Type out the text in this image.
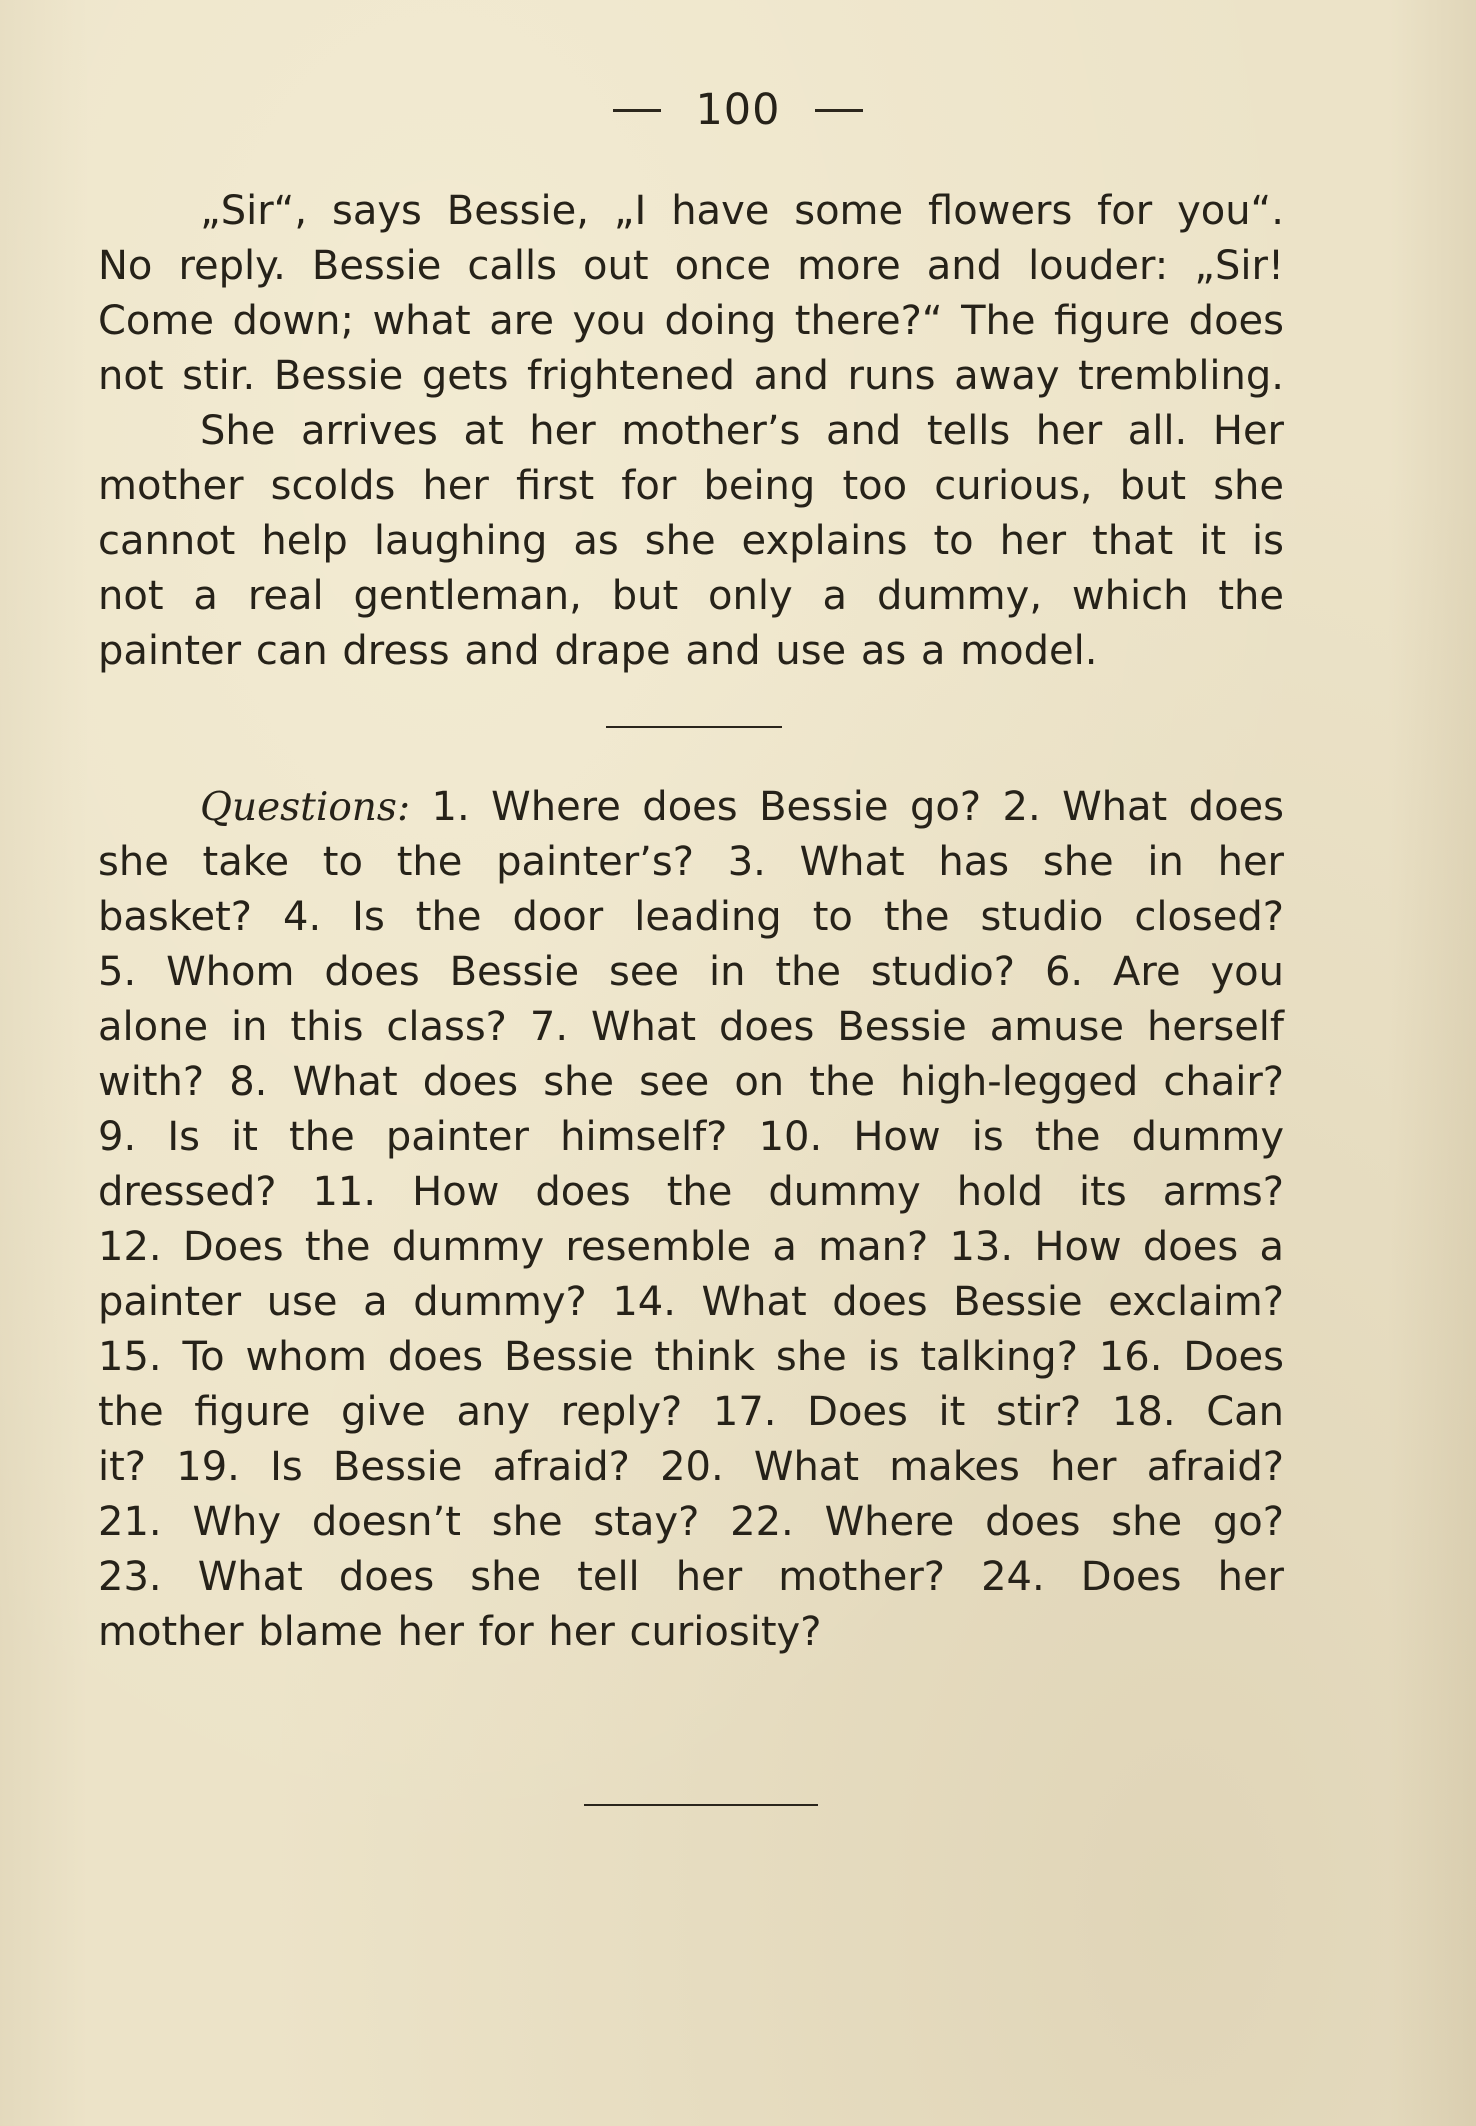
100
„Sir“, says Bessie, „I have some flowers for you“.
No reply. Bessie calls out once more and louder: „Sir!
Come down; what are you doing there?“ The figure does
not stir. Bessie gets frightened and runs away trembling.
She arrives at her mother’s and tells her all. Her
mother scolds her first for being too curious, but she
cannot help laughing as she explains to her that it is
not a real gentleman, but only a dummy, which the
painter can dress and drape and use as a model.
Questions: 1. Where does Bessie go? 2. What does
she take to the painter’s? 3. What has she in her
basket? 4. Is the door leading to the studio closed?
5. Whom does Bessie see in the studio? 6. Are you
alone in this class? 7. What does Bessie amuse herself
with? 8. What does she see on the high-legged chair?
9. Is it the painter himself? 10. How is the dummy
dressed? 11. How does the dummy hold its arms?
12. Does the dummy resemble a man? 13. How does a
painter use a dummy? 14. What does Bessie exclaim?
15. To whom does Bessie think she is talking? 16. Does
the figure give any reply? 17. Does it stir? 18. Can
it? 19. Is Bessie afraid? 20. What makes her afraid?
21. Why doesn’t she stay? 22. Where does she go?
23. What does she tell her mother? 24. Does her
mother blame her for her curiosity?
